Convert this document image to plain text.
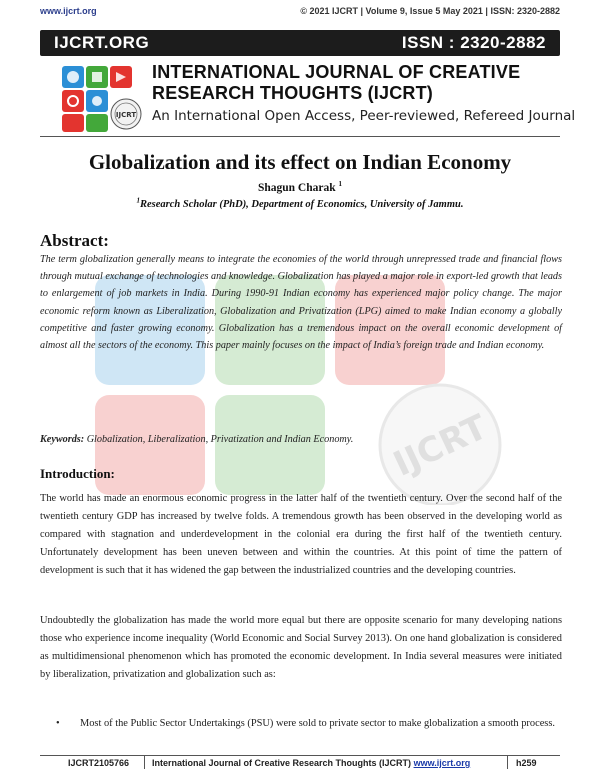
www.ijcrt.org	© 2021 IJCRT | Volume 9, Issue 5 May 2021 | ISSN: 2320-2882
IJCRT.ORG	ISSN : 2320-2882
IJCRT
INTERNATIONAL JOURNAL OF CREATIVE RESEARCH THOUGHTS (IJCRT)
An International Open Access, Peer-reviewed, Refereed Journal
IJCRT
Globalization and its effect on Indian Economy
Shagun Charak $^1$
$^1$Research Scholar (PhD), Department of Economics, University of Jammu.
Abstract:
The term globalization generally means to integrate the economies of the world through unrepressed trade and financial flows through mutual exchange of technologies and knowledge. Globalization has played a major role in export-led growth that leads to enlargement of job markets in India. During 1990-91 Indian economy has experienced major policy change. The major economic reform known as Liberalization, Globalization and Privatization (LPG) aimed to make Indian economy a globally competitive and faster growing economy. Globalization has a tremendous impact on the overall economic development of almost all the sectors of the economy. This paper mainly focuses on the impact of India’s foreign trade and Indian economy.
Keywords: Globalization, Liberalization, Privatization and Indian Economy.
Introduction:
The world has made an enormous economic progress in the latter half of the twentieth century. Over the second half of the twentieth century GDP has increased by twelve folds. A tremendous growth has been observed in the developing world as compared with stagnation and underdevelopment in the colonial era during the first half of the twentieth century. Unfortunately development has been uneven between and within the countries. At this point of time the pattern of development is such that it has widened the gap between the industrialized countries and the developing countries.
Undoubtedly the globalization has made the world more equal but there are opposite scenario for many developing nations those who experience income inequality (World Economic and Social Survey 2013). On one hand globalization is considered as multidimensional phenomenon which has promoted the economic development. In India several measures were initiated by liberalization, privatization and globalization such as:
•	Most of the Public Sector Undertakings (PSU) were sold to private sector to make globalization a smooth process.
IJCRT2105766	International Journal of Creative Research Thoughts (IJCRT) www.ijcrt.org	h259
